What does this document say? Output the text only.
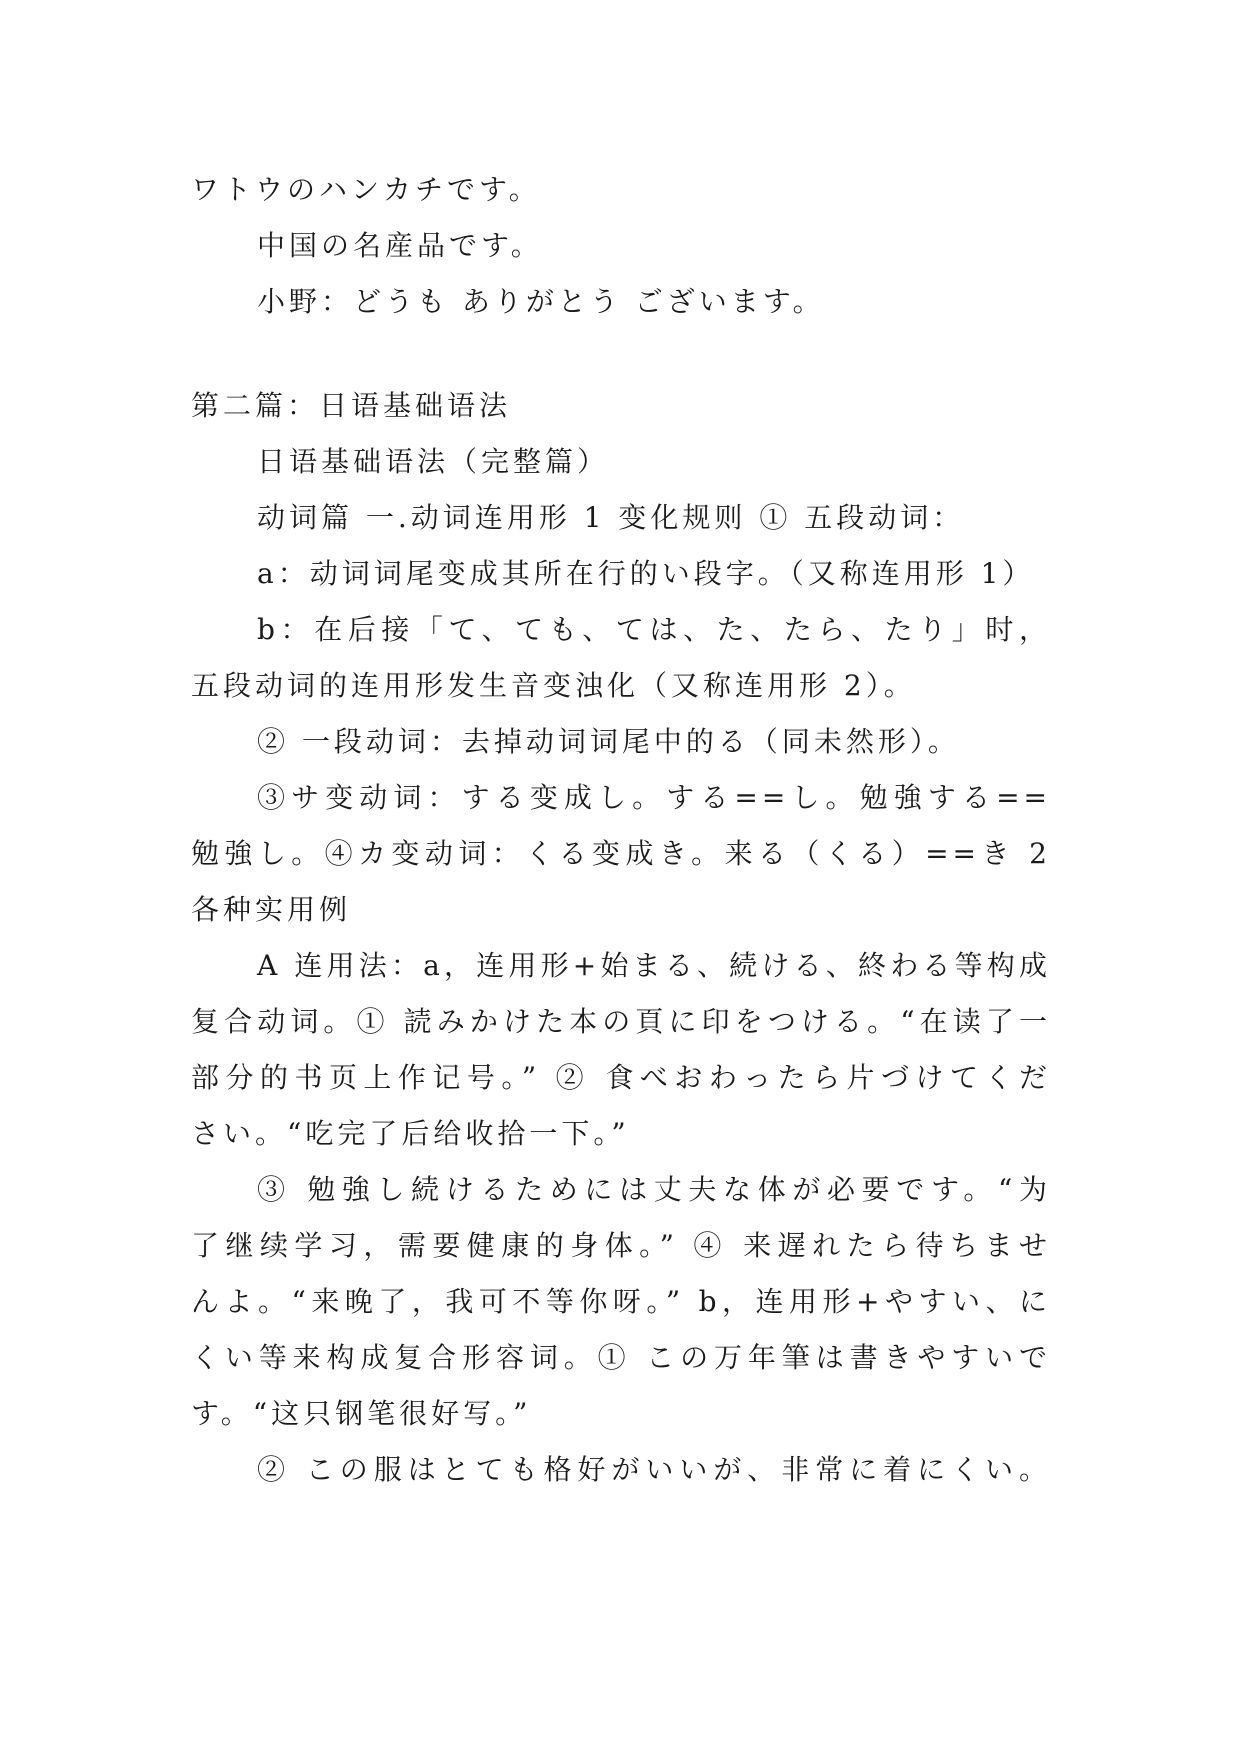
ワトウのハンカチです。
中国の名産品です。
小野：どうも ありがとう ございます。
第二篇：日语基础语法
日语基础语法（完整篇）
动词篇 一.动词连用形 1 变化规则 ① 五段动词：
a：动词词尾变成其所在行的い段字。（又称连用形 1）
b：在后接「て、ても、ては、た、たら、たり」时，
五段动词的连用形发生音变浊化（又称连用形 2）。
② 一段动词：去掉动词词尾中的る（同未然形）。
③サ变动词：する变成し。する==し。勉強する==
勉強し。④カ变动词：くる变成き。来る（くる）==き 2
各种实用例
A 连用法：a，连用形+始まる、続ける、終わる等构成
复合动词。① 読みかけた本の頁に印をつける。“在读了一
部分的书页上作记号。” ② 食べおわったら片づけてくだ
さい。“吃完了后给收拾一下。”
③ 勉強し続けるためには丈夫な体が必要です。“为
了继续学习，需要健康的身体。” ④ 来遅れたら待ちませ
んよ。“来晚了，我可不等你呀。” b，连用形+やすい、に
くい等来构成复合形容词。① この万年筆は書きやすいで
す。“这只钢笔很好写。”
② この服はとても格好がいいが、非常に着にくい。
